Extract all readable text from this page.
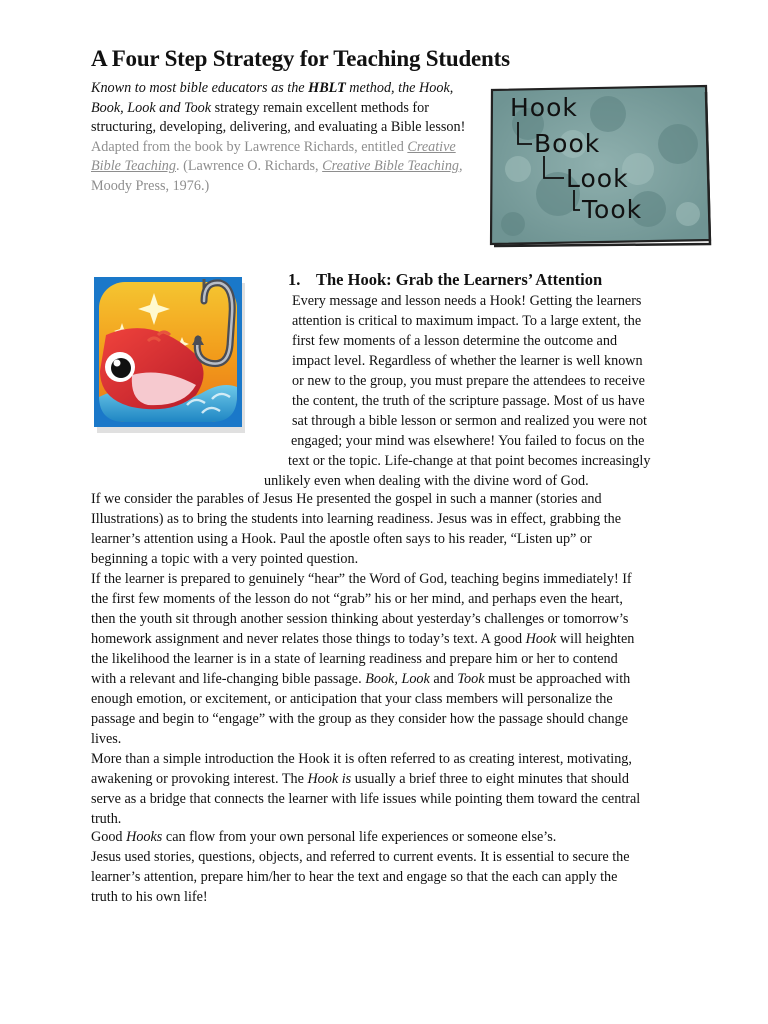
A Four Step Strategy for Teaching Students

Known to most bible educators as the HBLT method, the Hook, Book, Look and Took strategy remain excellent methods for structuring, developing, delivering, and evaluating a Bible lesson!

Adapted from the book by Lawrence Richards, entitled Creative Bible Teaching. (Lawrence O. Richards, Creative Bible Teaching, Moody Press, 1976.)

Hook
Book
Look
Took
1. The Hook: Grab the Learners’ Attention
Every message and lesson needs a Hook! Getting the learners
attention is critical to maximum impact. To a large extent, the
first few moments of a lesson determine the outcome and
impact level. Regardless of whether the learner is well known
or new to the group, you must prepare the attendees to receive
the content, the truth of the scripture passage. Most of us have
sat through a bible lesson or sermon and realized you were not
engaged; your mind was elsewhere! You failed to focus on the
text or the topic. Life-change at that point becomes increasingly
unlikely even when dealing with the divine word of God.
If we consider the parables of Jesus He presented the gospel in such a manner (stories and
Illustrations) as to bring the students into learning readiness. Jesus was in effect, grabbing the
learner’s attention using a Hook. Paul the apostle often says to his reader, “Listen up” or
beginning a topic with a very pointed question.
If the learner is prepared to genuinely “hear” the Word of God, teaching begins immediately! If
the first few moments of the lesson do not “grab” his or her mind, and perhaps even the heart,
then the youth sit through another session thinking about yesterday’s challenges or tomorrow’s
homework assignment and never relates those things to today’s text. A good Hook will heighten
the likelihood the learner is in a state of learning readiness and prepare him or her to contend
with a relevant and life-changing bible passage. Book, Look and Took must be approached with
enough emotion, or excitement, or anticipation that your class members will personalize the
passage and begin to “engage” with the group as they consider how the passage should change
lives.
More than a simple introduction the Hook it is often referred to as creating interest, motivating,
awakening or provoking interest. The Hook is usually a brief three to eight minutes that should
serve as a bridge that connects the learner with life issues while pointing them toward the central
truth.
Good Hooks can flow from your own personal life experiences or someone else’s.
Jesus used stories, questions, objects, and referred to current events. It is essential to secure the
learner’s attention, prepare him/her to hear the text and engage so that the each can apply the
truth to his own life!
